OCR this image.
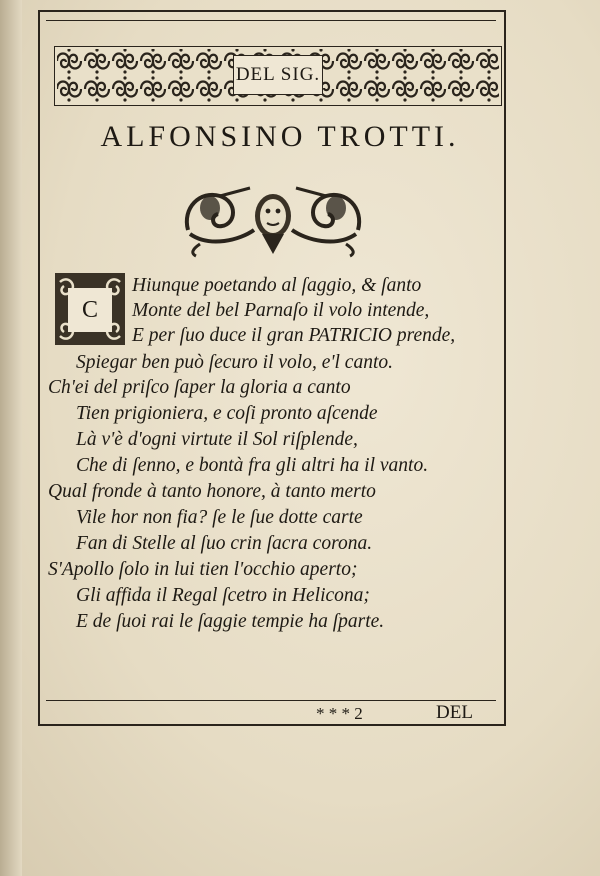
DEL SIG.
ALFONSINO TROTTI.
C
Hiunque poetando al ſaggio, & ſanto
Monte del bel Parnaſo il volo intende,
E per ſuo duce il gran PATRICIO prende,
Spiegar ben può ſecuro il volo, e'l canto.
Ch'ei del priſco ſaper la gloria a canto
Tien prigioniera, e coſi pronto aſcende
Là v'è d'ogni virtute il Sol riſplende,
Che di ſenno, e bontà fra gli altri ha il vanto.
Qual fronde à tanto honore, à tanto merto
Vile hor non fia? ſe le ſue dotte carte
Fan di Stelle al ſuo crin ſacra corona.
S'Apollo ſolo in lui tien l'occhio aperto;
Gli affida il Regal ſcetro in Helicona;
E de ſuoi rai le ſaggie tempie ha ſparte.
* * * 2	DEL
